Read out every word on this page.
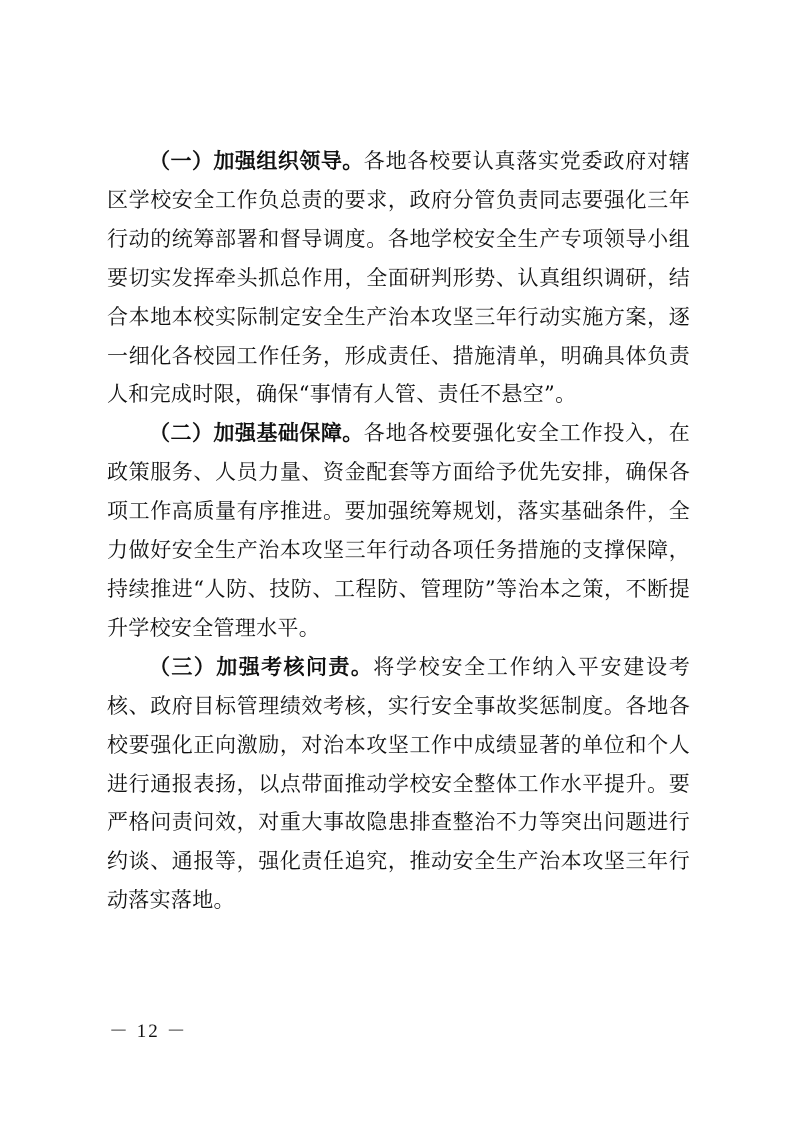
（一）加强组织领导。各地各校要认真落实党委政府对辖区学校安全工作负总责的要求，政府分管负责同志要强化三年行动的统筹部署和督导调度。各地学校安全生产专项领导小组要切实发挥牵头抓总作用，全面研判形势、认真组织调研，结合本地本校实际制定安全生产治本攻坚三年行动实施方案，逐一细化各校园工作任务，形成责任、措施清单，明确具体负责人和完成时限，确保“事情有人管、责任不悬空”。

（二）加强基础保障。各地各校要强化安全工作投入，在政策服务、人员力量、资金配套等方面给予优先安排，确保各项工作高质量有序推进。要加强统筹规划，落实基础条件，全力做好安全生产治本攻坚三年行动各项任务措施的支撑保障，持续推进“人防、技防、工程防、管理防”等治本之策，不断提升学校安全管理水平。

（三）加强考核问责。将学校安全工作纳入平安建设考核、政府目标管理绩效考核，实行安全事故奖惩制度。各地各校要强化正向激励，对治本攻坚工作中成绩显著的单位和个人进行通报表扬，以点带面推动学校安全整体工作水平提升。要严格问责问效，对重大事故隐患排查整治不力等突出问题进行约谈、通报等，强化责任追究，推动安全生产治本攻坚三年行动落实落地。

－ 12 －
